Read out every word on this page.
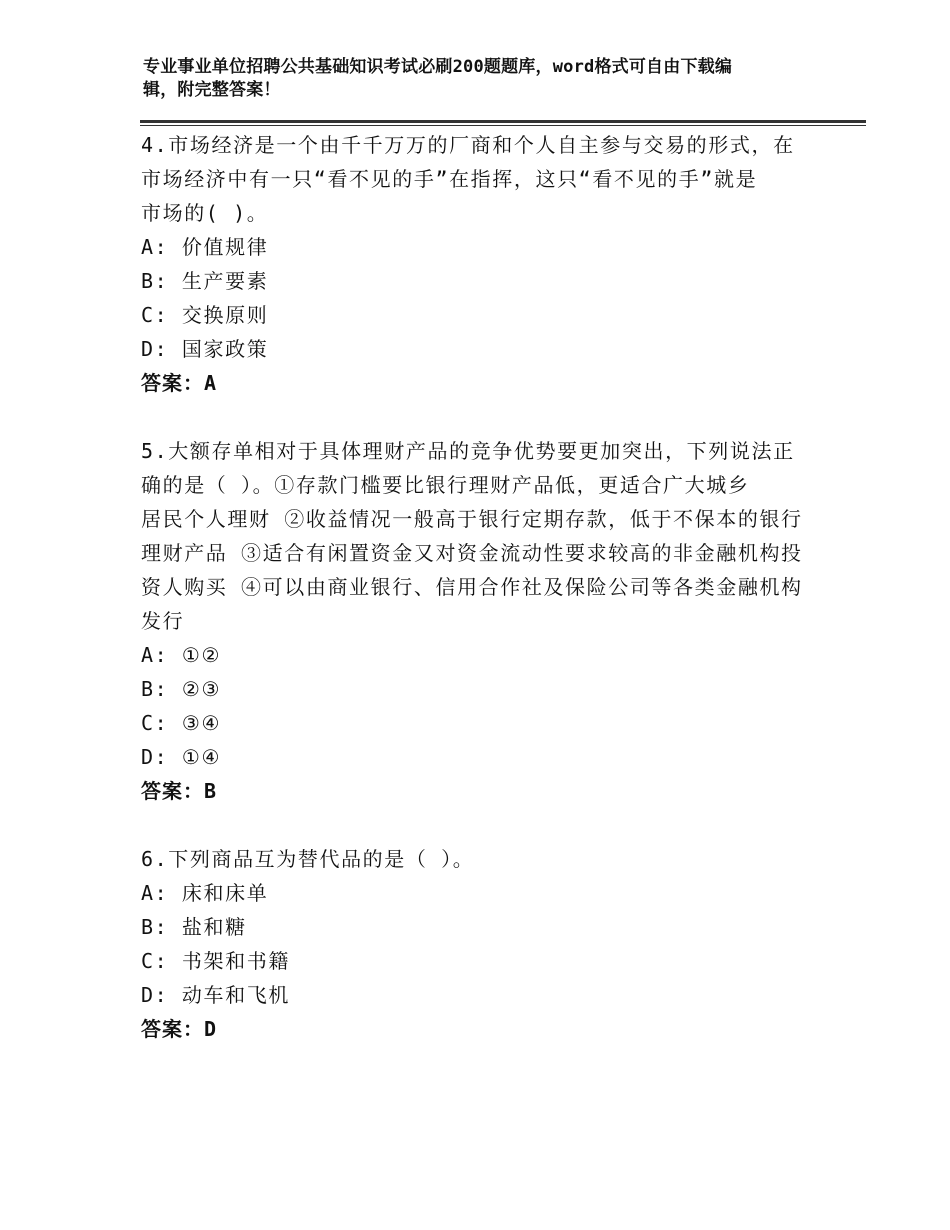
专业事业单位招聘公共基础知识考试必刷200题题库，word格式可自由下载编
辑，附完整答案！
4.市场经济是一个由千千万万的厂商和个人自主参与交易的形式，在
市场经济中有一只“看不见的手”在指挥，这只“看不见的手”就是
市场的( )。
A: 价值规律
B: 生产要素
C: 交换原则
D: 国家政策
答案：A
5.大额存单相对于具体理财产品的竞争优势要更加突出，下列说法正
确的是（ ）。①存款门槛要比银行理财产品低，更适合广大城乡
居民个人理财 ②收益情况一般高于银行定期存款，低于不保本的银行
理财产品 ③适合有闲置资金又对资金流动性要求较高的非金融机构投
资人购买 ④可以由商业银行、信用合作社及保险公司等各类金融机构
发行
A: ①②
B: ②③
C: ③④
D: ①④
答案：B
6.下列商品互为替代品的是（ ）。
A: 床和床单
B: 盐和糖
C: 书架和书籍
D: 动车和飞机
答案：D
